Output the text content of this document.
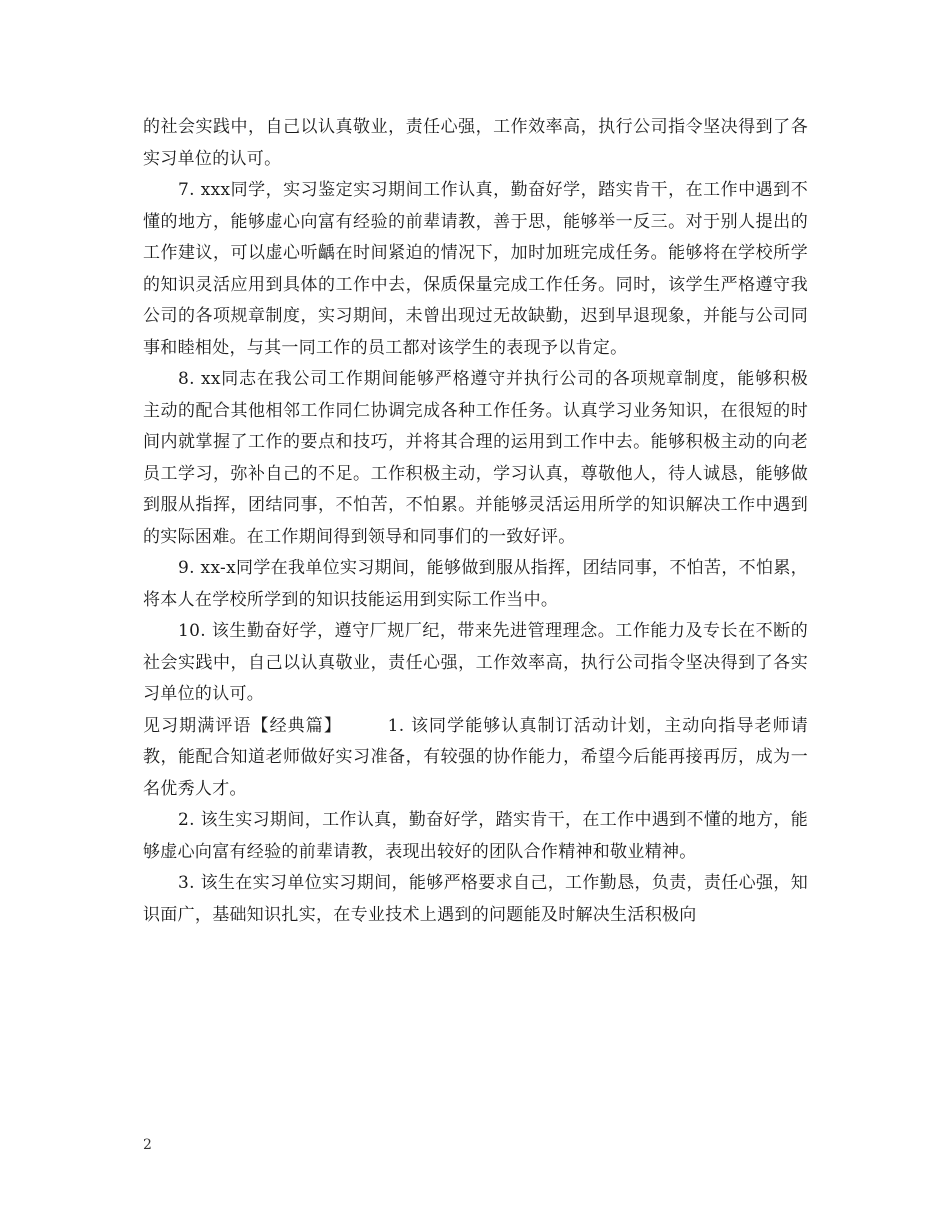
的社会实践中，自己以认真敬业，责任心强，工作效率高，执行公司指令坚决得到了各实习单位的认可。

7. xxx同学，实习鉴定实习期间工作认真，勤奋好学，踏实肯干，在工作中遇到不懂的地方，能够虚心向富有经验的前辈请教，善于思，能够举一反三。对于别人提出的工作建议，可以虚心听齲在时间紧迫的情况下，加时加班完成任务。能够将在学校所学的知识灵活应用到具体的工作中去，保质保量完成工作任务。同时，该学生严格遵守我公司的各项规章制度，实习期间，未曾出现过无故缺勤，迟到早退现象，并能与公司同事和睦相处，与其一同工作的员工都对该学生的表现予以肯定。

8. xx同志在我公司工作期间能够严格遵守并执行公司的各项规章制度，能够积极主动的配合其他相邻工作同仁协调完成各种工作任务。认真学习业务知识，在很短的时间内就掌握了工作的要点和技巧，并将其合理的运用到工作中去。能够积极主动的向老员工学习，弥补自己的不足。工作积极主动，学习认真，尊敬他人，待人诚恳，能够做到服从指挥，团结同事，不怕苦，不怕累。并能够灵活运用所学的知识解决工作中遇到的实际困难。在工作期间得到领导和同事们的一致好评。

9. xx-x同学在我单位实习期间，能够做到服从指挥，团结同事，不怕苦，不怕累，将本人在学校所学到的知识技能运用到实际工作当中。

10. 该生勤奋好学，遵守厂规厂纪，带来先进管理理念。工作能力及专长在不断的社会实践中，自己以认真敬业，责任心强，工作效率高，执行公司指令坚决得到了各实习单位的认可。

见习期满评语【经典篇】　　　1. 该同学能够认真制订活动计划，主动向指导老师请教，能配合知道老师做好实习准备，有较强的协作能力，希望今后能再接再厉，成为一名优秀人才。

2. 该生实习期间，工作认真，勤奋好学，踏实肯干，在工作中遇到不懂的地方，能够虚心向富有经验的前辈请教，表现出较好的团队合作精神和敬业精神。

3. 该生在实习单位实习期间，能够严格要求自己，工作勤恳，负责，责任心强，知识面广，基础知识扎实，在专业技术上遇到的问题能及时解决生活积极向

2
